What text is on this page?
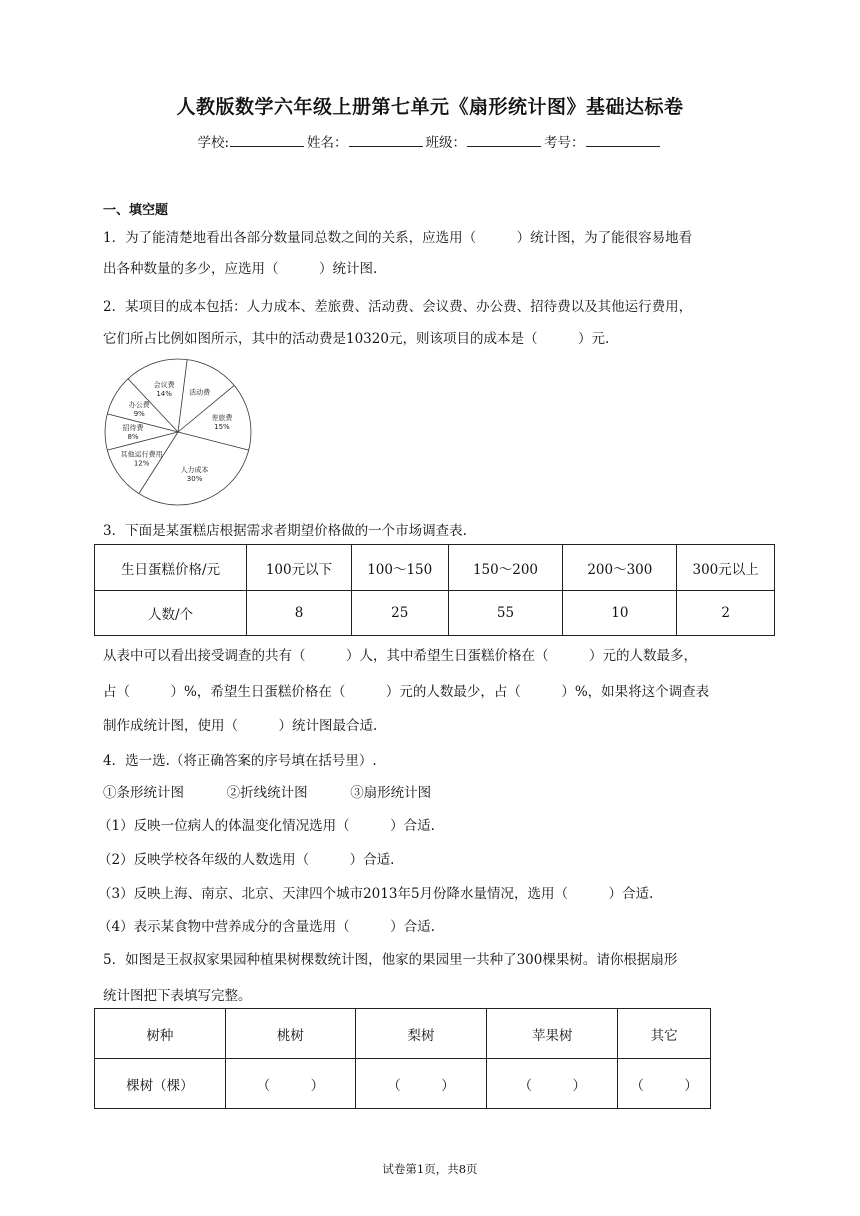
人教版数学六年级上册第七单元《扇形统计图》基础达标卷
学校:	姓名：	班级：	考号：
一、填空题
1．为了能清楚地看出各部分数量同总数之间的关系，应选用（　　　）统计图，为了能很容易地看
出各种数量的多少，应选用（　　　）统计图.
2．某项目的成本包括：人力成本、差旅费、活动费、会议费、办公费、招待费以及其他运行费用，
它们所占比例如图所示，其中的活动费是10320元，则该项目的成本是（　　　）元.
会议费
14% 活动费
差旅费
15%
人力成本
30%
其他运行费用
12%
招待费
8%
办公费
9%
3．下面是某蛋糕店根据需求者期望价格做的一个市场调查表.
生日蛋糕价格/元	100元以下	100～150	150～200	200～300	300元以上
人数/个	8	25	55	10	2
从表中可以看出接受调查的共有（　　　）人，其中希望生日蛋糕价格在（　　　）元的人数最多，
占（　　　）%，希望生日蛋糕价格在（　　　）元的人数最少，占（　　　）%，如果将这个调查表
制作成统计图，使用（　　　）统计图最合适.
4．选一选.（将正确答案的序号填在括号里）.
①条形统计图	②折线统计图	③扇形统计图
（1）反映一位病人的体温变化情况选用（　　　）合适.
（2）反映学校各年级的人数选用（　　　）合适.
（3）反映上海、南京、北京、天津四个城市2013年5月份降水量情况，选用（　　　）合适.
（4）表示某食物中营养成分的含量选用（　　　）合适.
5．如图是王叔叔家果园种植果树棵数统计图，他家的果园里一共种了300棵果树。请你根据扇形
统计图把下表填写完整。
树种	桃树	梨树	苹果树	其它
棵树（棵）	（　　　）	（　　　）	（　　　）	（　　　）
试卷第1页，共8页
